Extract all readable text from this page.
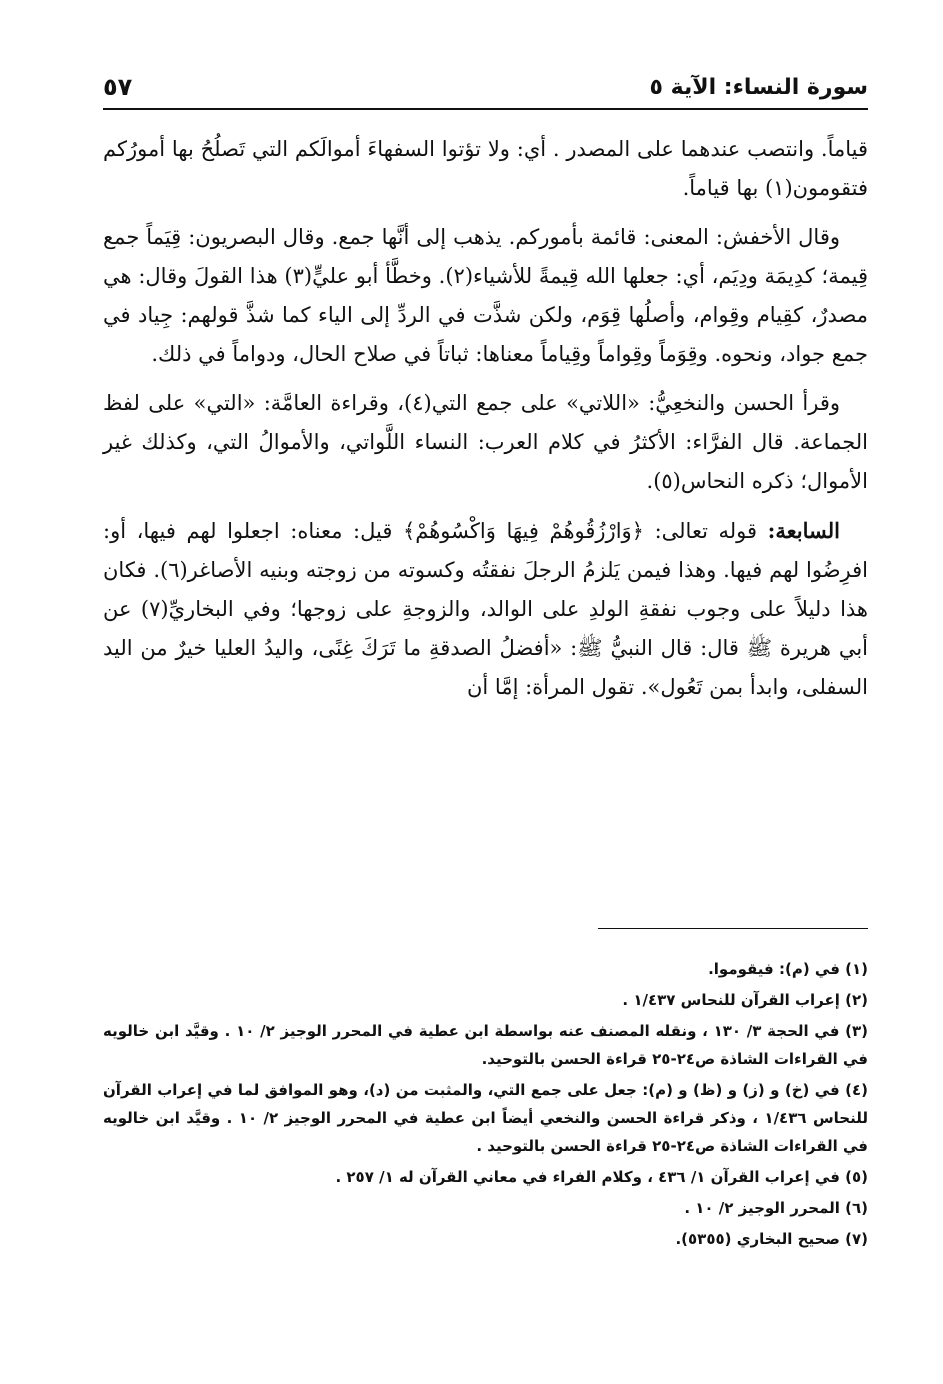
سورة النساء: الآية ٥
٥٧

قياماً. وانتصب عندهما على المصدر . أي: ولا تؤتوا السفهاءَ أموالَكم التي تَصلُحُ بها أمورُكم فتقومون(١) بها قياماً.

وقال الأخفش: المعنى: قائمة بأموركم. يذهب إلى أنَّها جمع. وقال البصريون: قِيَماً جمع قِيمة؛ كدِيمَة ودِيَم، أي: جعلها الله قِيمةً للأشياء(٢). وخطَّأ أبو عليٍّ(٣) هذا القولَ وقال: هي مصدرٌ، كقِيام وقِوام، وأصلُها قِوَم، ولكن شذَّت في الردِّ إلى الياء كما شذَّ قولهم: جِياد في جمع جواد، ونحوه. وقِوَماً وقِواماً وقِياماً معناها: ثباتاً في صلاح الحال، ودواماً في ذلك.

وقرأ الحسن والنخعِيُّ: «اللاتي» على جمع التي(٤)، وقراءة العامَّة: «التي» على لفظ الجماعة. قال الفرَّاء: الأكثرُ في كلام العرب: النساء اللَّواتي، والأموالُ التي، وكذلك غير الأموال؛ ذكره النحاس(٥).

السابعة: قوله تعالى: ﴿وَارْزُقُوهُمْ فِيهَا وَاكْسُوهُمْ﴾ قيل: معناه: اجعلوا لهم فيها، أو: افرِضُوا لهم فيها. وهذا فيمن يَلزمُ الرجلَ نفقتُه وكسوته من زوجته وبنيه الأصاغر(٦). فكان هذا دليلاً على وجوب نفقةِ الولدِ على الوالد، والزوجةِ على زوجها؛ وفي البخاريِّ(٧) عن أبي هريرة ﷺ قال: قال النبيُّ ﷺ: «أفضلُ الصدقةِ ما تَرَكَ غِنًى، واليدُ العليا خيرٌ من اليد السفلى، وابدأ بمن تَعُول». تقول المرأة: إمَّا أن

(١) في (م): فيقوموا.
(٢) إعراب القرآن للنحاس ١/٤٣٧ .
(٣) في الحجة ٣/ ١٣٠ ، ونقله المصنف عنه بواسطة ابن عطية في المحرر الوجيز ٢/ ١٠ . وقيَّد ابن خالويه في القراءات الشاذة ص٢٤-٢٥ قراءة الحسن بالتوحيد.
(٤) في (خ) و (ز) و (ظ) و (م): جعل على جمع التي، والمثبت من (د)، وهو الموافق لما في إعراب القرآن للنحاس ١/٤٣٦ ، وذكر قراءة الحسن والنخعي أيضاً ابن عطية في المحرر الوجيز ٢/ ١٠ . وقيَّد ابن خالويه في القراءات الشاذة ص٢٤-٢٥ قراءة الحسن بالتوحيد .
(٥) في إعراب القرآن ١/ ٤٣٦ ، وكلام الفراء في معاني القرآن له ١/ ٢٥٧ .
(٦) المحرر الوجيز ٢/ ١٠ .
(٧) صحيح البخاري (٥٣٥٥).
